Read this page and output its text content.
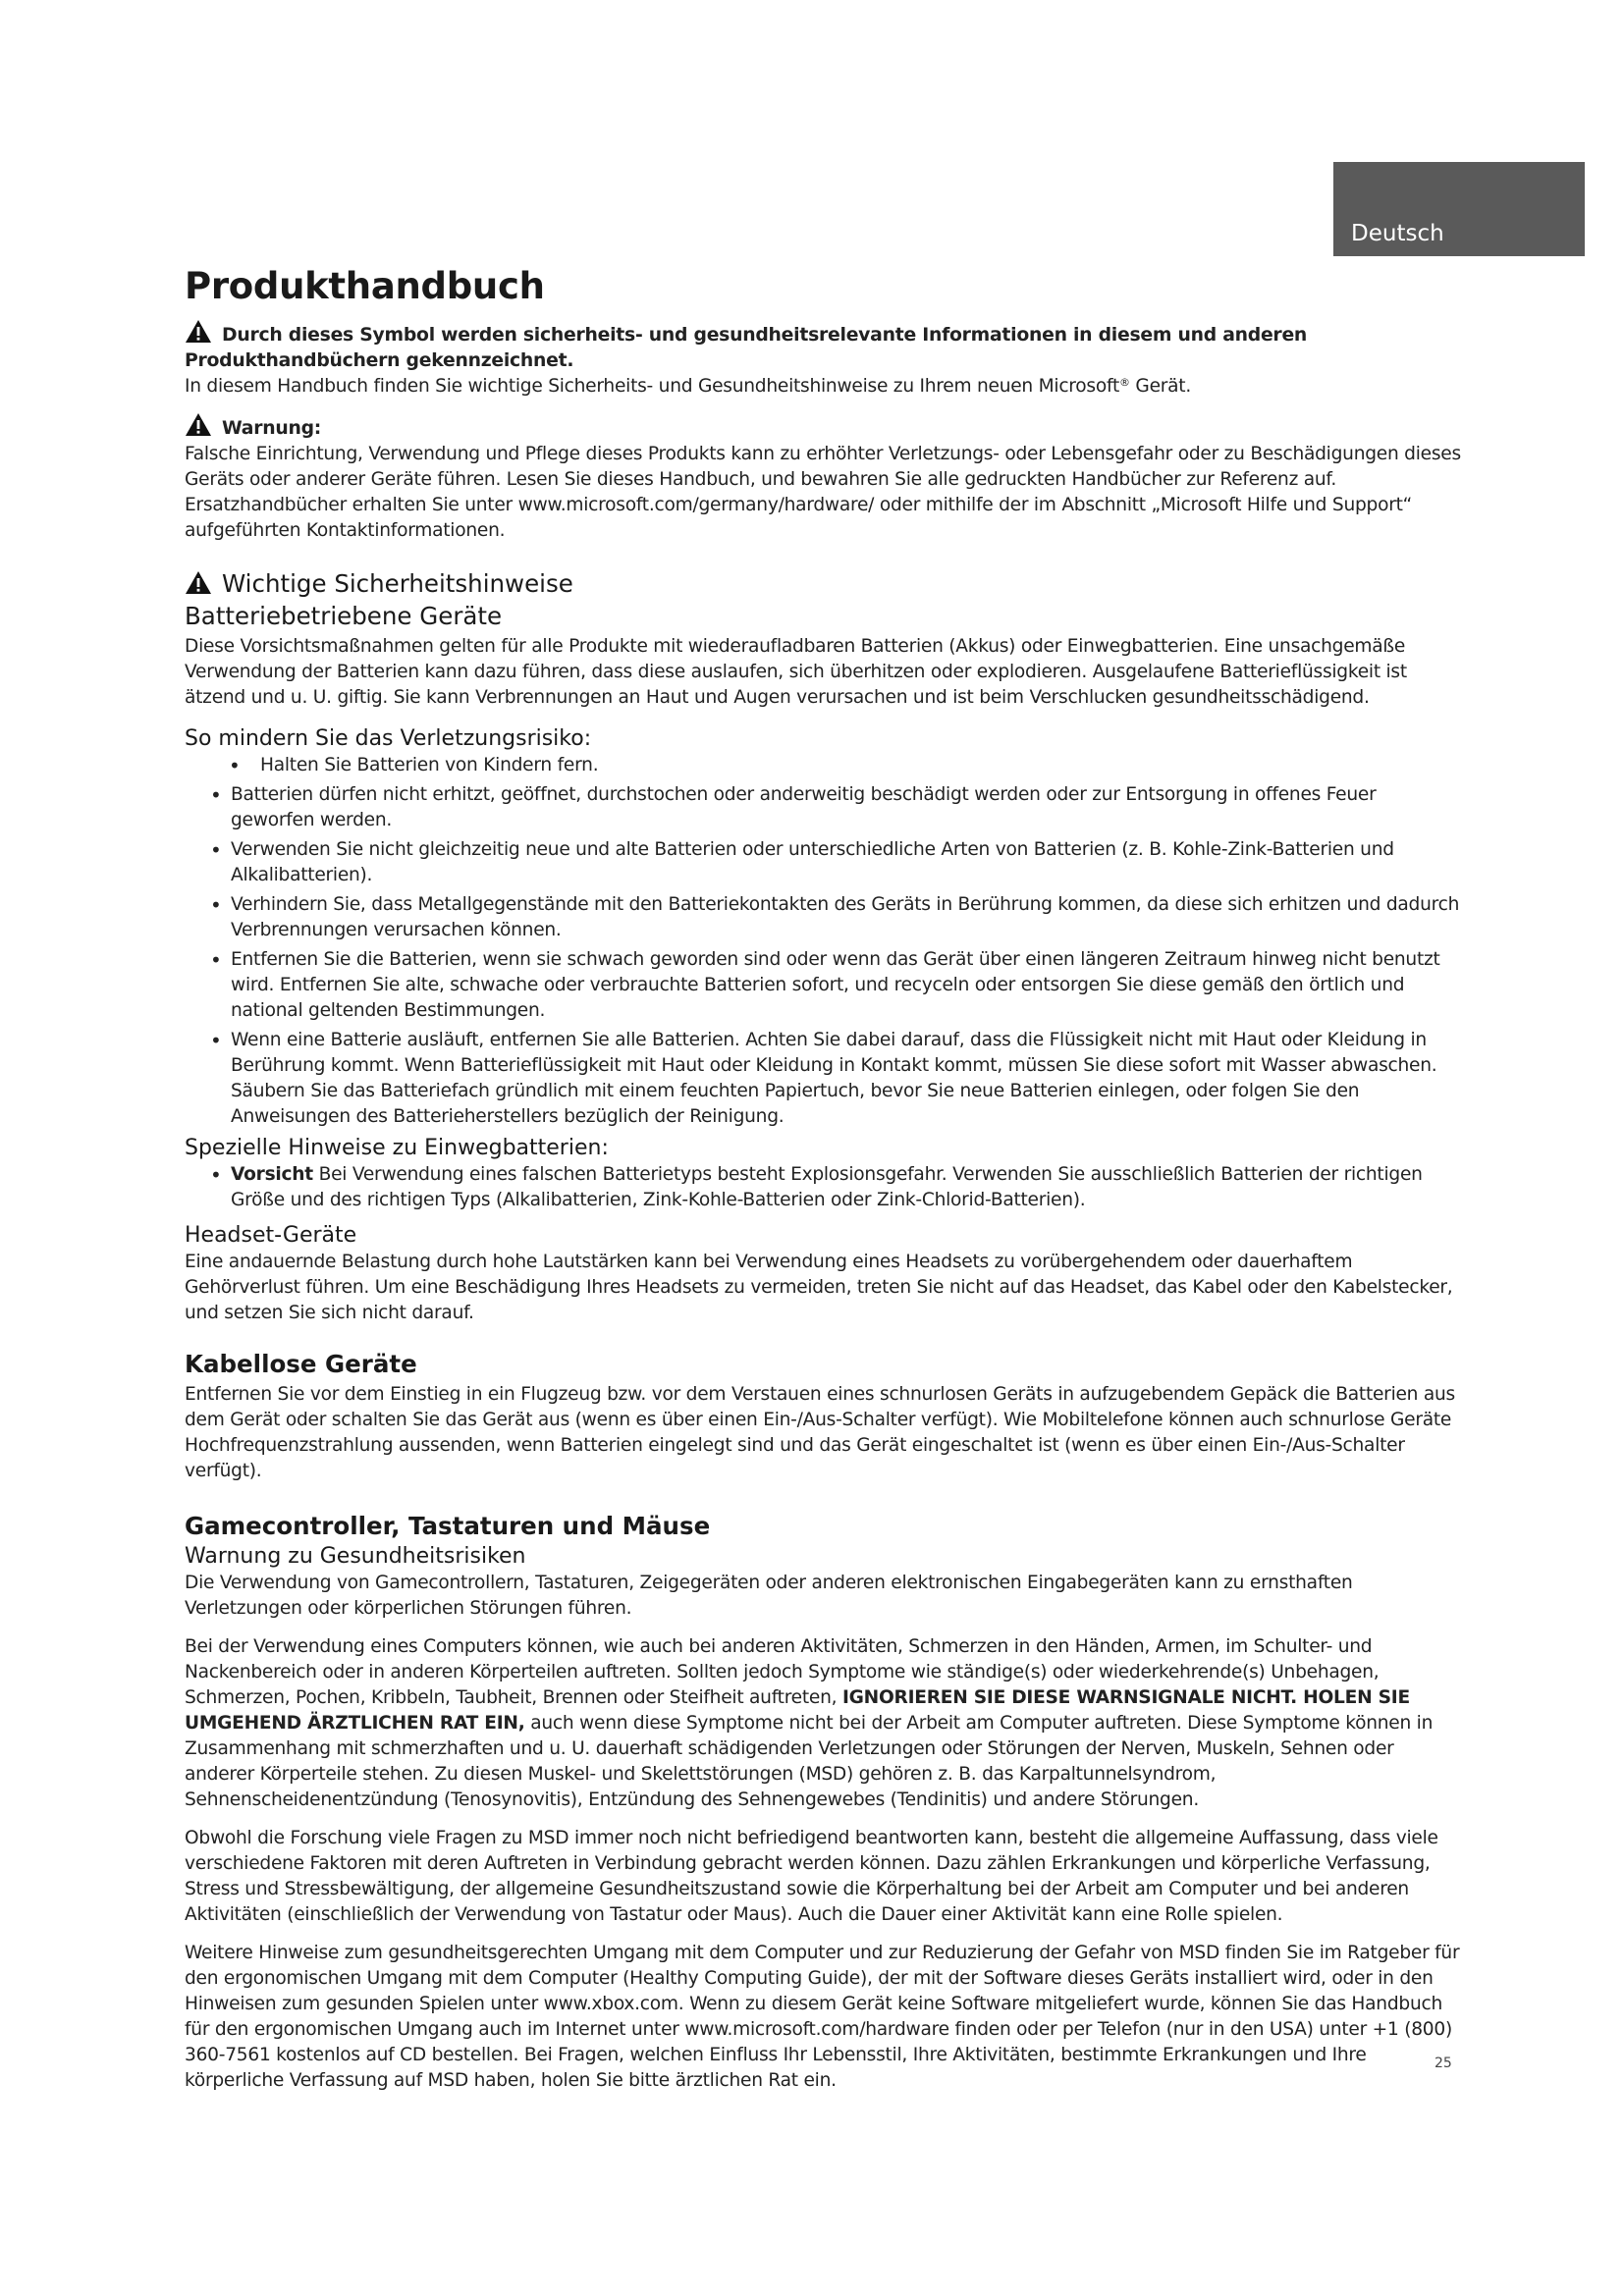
Deutsch
Produkthandbuch

Durch dieses Symbol werden sicherheits- und gesundheitsrelevante Informationen in diesem und anderen Produkthandbüchern gekennzeichnet.

In diesem Handbuch finden Sie wichtige Sicherheits- und Gesundheitshinweise zu Ihrem neuen Microsoft® Gerät.

Warnung:

Falsche Einrichtung, Verwendung und Pflege dieses Produkts kann zu erhöhter Verletzungs- oder Lebensgefahr oder zu Beschädigungen dieses Geräts oder anderer Geräte führen. Lesen Sie dieses Handbuch, und bewahren Sie alle gedruckten Handbücher zur Referenz auf. Ersatzhandbücher erhalten Sie unter www.microsoft.com/germany/hardware/ oder mithilfe der im Abschnitt „Microsoft Hilfe und Support“ aufgeführten Kontaktinformationen.

Wichtige Sicherheitshinweise
Batteriebetriebene Geräte

Diese Vorsichtsmaßnahmen gelten für alle Produkte mit wiederaufladbaren Batterien (Akkus) oder Einwegbatterien. Eine unsachgemäße Verwendung der Batterien kann dazu führen, dass diese auslaufen, sich überhitzen oder explodieren. Ausgelaufene Batterieflüssigkeit ist ätzend und u. U. giftig. Sie kann Verbrennungen an Haut und Augen verursachen und ist beim Verschlucken gesundheitsschädigend.

So mindern Sie das Verletzungsrisiko:
• Halten Sie Batterien von Kindern fern.
• Batterien dürfen nicht erhitzt, geöffnet, durchstochen oder anderweitig beschädigt werden oder zur Entsorgung in offenes Feuer geworfen werden.
• Verwenden Sie nicht gleichzeitig neue und alte Batterien oder unterschiedliche Arten von Batterien (z. B. Kohle-Zink-Batterien und Alkalibatterien).
• Verhindern Sie, dass Metallgegenstände mit den Batteriekontakten des Geräts in Berührung kommen, da diese sich erhitzen und dadurch Verbrennungen verursachen können.
• Entfernen Sie die Batterien, wenn sie schwach geworden sind oder wenn das Gerät über einen längeren Zeitraum hinweg nicht benutzt wird. Entfernen Sie alte, schwache oder verbrauchte Batterien sofort, und recyceln oder entsorgen Sie diese gemäß den örtlich und national geltenden Bestimmungen.
• Wenn eine Batterie ausläuft, entfernen Sie alle Batterien. Achten Sie dabei darauf, dass die Flüssigkeit nicht mit Haut oder Kleidung in Berührung kommt. Wenn Batterieflüssigkeit mit Haut oder Kleidung in Kontakt kommt, müssen Sie diese sofort mit Wasser abwaschen. Säubern Sie das Batteriefach gründlich mit einem feuchten Papiertuch, bevor Sie neue Batterien einlegen, oder folgen Sie den Anweisungen des Batterieherstellers bezüglich der Reinigung.
Spezielle Hinweise zu Einwegbatterien:
• Vorsicht Bei Verwendung eines falschen Batterietyps besteht Explosionsgefahr. Verwenden Sie ausschließlich Batterien der richtigen Größe und des richtigen Typs (Alkalibatterien, Zink-Kohle-Batterien oder Zink-Chlorid-Batterien).
Headset-Geräte

Eine andauernde Belastung durch hohe Lautstärken kann bei Verwendung eines Headsets zu vorübergehendem oder dauerhaftem Gehörverlust führen. Um eine Beschädigung Ihres Headsets zu vermeiden, treten Sie nicht auf das Headset, das Kabel oder den Kabelstecker, und setzen Sie sich nicht darauf.

Kabellose Geräte

Entfernen Sie vor dem Einstieg in ein Flugzeug bzw. vor dem Verstauen eines schnurlosen Geräts in aufzugebendem Gepäck die Batterien aus dem Gerät oder schalten Sie das Gerät aus (wenn es über einen Ein-/Aus-Schalter verfügt). Wie Mobiltelefone können auch schnurlose Geräte Hochfrequenzstrahlung aussenden, wenn Batterien eingelegt sind und das Gerät eingeschaltet ist (wenn es über einen Ein-/Aus-Schalter verfügt).

Gamecontroller, Tastaturen und Mäuse
Warnung zu Gesundheitsrisiken

Die Verwendung von Gamecontrollern, Tastaturen, Zeigegeräten oder anderen elektronischen Eingabegeräten kann zu ernsthaften Verletzungen oder körperlichen Störungen führen.

Bei der Verwendung eines Computers können, wie auch bei anderen Aktivitäten, Schmerzen in den Händen, Armen, im Schulter- und Nackenbereich oder in anderen Körperteilen auftreten. Sollten jedoch Symptome wie ständige(s) oder wiederkehrende(s) Unbehagen, Schmerzen, Pochen, Kribbeln, Taubheit, Brennen oder Steifheit auftreten, IGNORIEREN SIE DIESE WARNSIGNALE NICHT. HOLEN SIE UMGEHEND ÄRZTLICHEN RAT EIN, auch wenn diese Symptome nicht bei der Arbeit am Computer auftreten. Diese Symptome können in Zusammenhang mit schmerzhaften und u. U. dauerhaft schädigenden Verletzungen oder Störungen der Nerven, Muskeln, Sehnen oder anderer Körperteile stehen. Zu diesen Muskel- und Skelettstörungen (MSD) gehören z. B. das Karpaltunnelsyndrom, Sehnenscheidenentzündung (Tenosynovitis), Entzündung des Sehnengewebes (Tendinitis) und andere Störungen.

Obwohl die Forschung viele Fragen zu MSD immer noch nicht befriedigend beantworten kann, besteht die allgemeine Auffassung, dass viele verschiedene Faktoren mit deren Auftreten in Verbindung gebracht werden können. Dazu zählen Erkrankungen und körperliche Verfassung, Stress und Stressbewältigung, der allgemeine Gesundheitszustand sowie die Körperhaltung bei der Arbeit am Computer und bei anderen Aktivitäten (einschließlich der Verwendung von Tastatur oder Maus). Auch die Dauer einer Aktivität kann eine Rolle spielen.

Weitere Hinweise zum gesundheitsgerechten Umgang mit dem Computer und zur Reduzierung der Gefahr von MSD finden Sie im Ratgeber für den ergonomischen Umgang mit dem Computer (Healthy Computing Guide), der mit der Software dieses Geräts installiert wird, oder in den Hinweisen zum gesunden Spielen unter www.xbox.com. Wenn zu diesem Gerät keine Software mitgeliefert wurde, können Sie das Handbuch für den ergonomischen Umgang auch im Internet unter www.microsoft.com/hardware finden oder per Telefon (nur in den USA) unter +1 (800) 360-7561 kostenlos auf CD bestellen. Bei Fragen, welchen Einfluss Ihr Lebensstil, Ihre Aktivitäten, bestimmte Erkrankungen und Ihre körperliche Verfassung auf MSD haben, holen Sie bitte ärztlichen Rat ein.

25
